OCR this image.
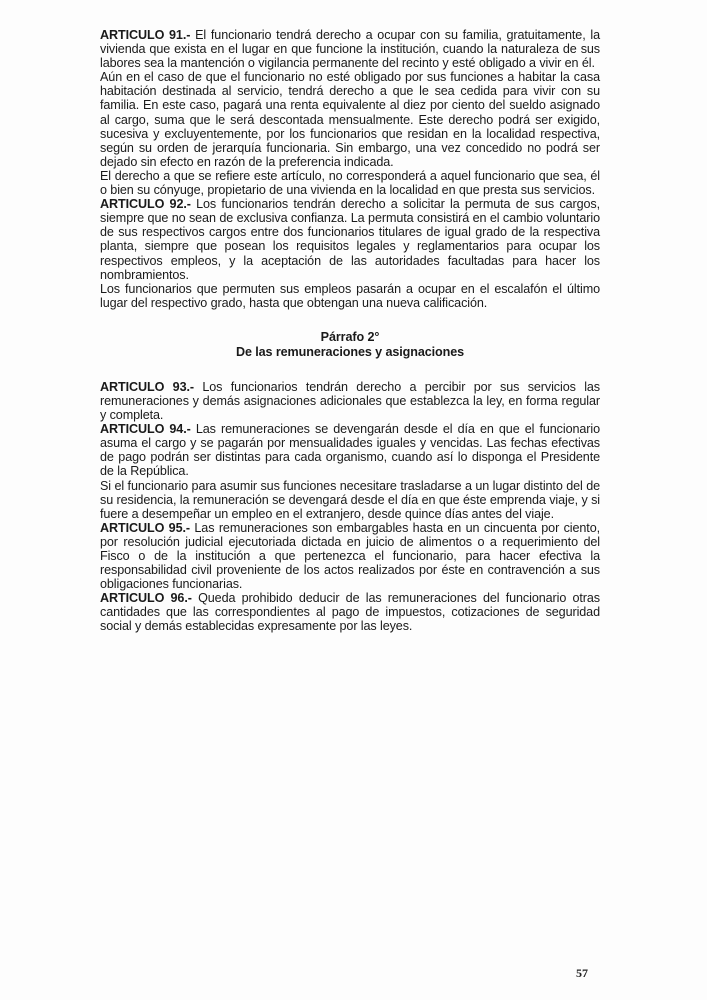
ARTICULO 91.- El funcionario tendrá derecho a ocupar con su familia, gratuitamente, la vivienda que exista en el lugar en que funcione la institución, cuando la naturaleza de sus labores sea la mantención o vigilancia permanente del recinto y esté obligado a vivir en él.

Aún en el caso de que el funcionario no esté obligado por sus funciones a habitar la casa habitación destinada al servicio, tendrá derecho a que le sea cedida para vivir con su familia. En este caso, pagará una renta equivalente al diez por ciento del sueldo asignado al cargo, suma que le será descontada mensualmente. Este derecho podrá ser exigido, sucesiva y excluyentemente, por los funcionarios que residan en la localidad respectiva, según su orden de jerarquía funcionaria. Sin embargo, una vez concedido no podrá ser dejado sin efecto en razón de la preferencia indicada.

El derecho a que se refiere este artículo, no corresponderá a aquel funcionario que sea, él o bien su cónyuge, propietario de una vivienda en la localidad en que presta sus servicios.

ARTICULO 92.- Los funcionarios tendrán derecho a solicitar la permuta de sus cargos, siempre que no sean de exclusiva confianza. La permuta consistirá en el cambio voluntario de sus respectivos cargos entre dos funcionarios titulares de igual grado de la respectiva planta, siempre que posean los requisitos legales y reglamentarios para ocupar los respectivos empleos, y la aceptación de las autoridades facultadas para hacer los nombramientos.

Los funcionarios que permuten sus empleos pasarán a ocupar en el escalafón el último lugar del respectivo grado, hasta que obtengan una nueva calificación.

Párrafo 2°
De las remuneraciones y asignaciones

ARTICULO 93.- Los funcionarios tendrán derecho a percibir por sus servicios las remuneraciones y demás asignaciones adicionales que establezca la ley, en forma regular y completa.

ARTICULO 94.- Las remuneraciones se devengarán desde el día en que el funcionario asuma el cargo y se pagarán por mensualidades iguales y vencidas. Las fechas efectivas de pago podrán ser distintas para cada organismo, cuando así lo disponga el Presidente de la República.

Si el funcionario para asumir sus funciones necesitare trasladarse a un lugar distinto del de su residencia, la remuneración se devengará desde el día en que éste emprenda viaje, y si fuere a desempeñar un empleo en el extranjero, desde quince días antes del viaje.

ARTICULO 95.- Las remuneraciones son embargables hasta en un cincuenta por ciento, por resolución judicial ejecutoriada dictada en juicio de alimentos o a requerimiento del Fisco o de la institución a que pertenezca el funcionario, para hacer efectiva la responsabilidad civil proveniente de los actos realizados por éste en contravención a sus obligaciones funcionarias.

ARTICULO 96.- Queda prohibido deducir de las remuneraciones del funcionario otras cantidades que las correspondientes al pago de impuestos, cotizaciones de seguridad social y demás establecidas expresamente por las leyes.

57
